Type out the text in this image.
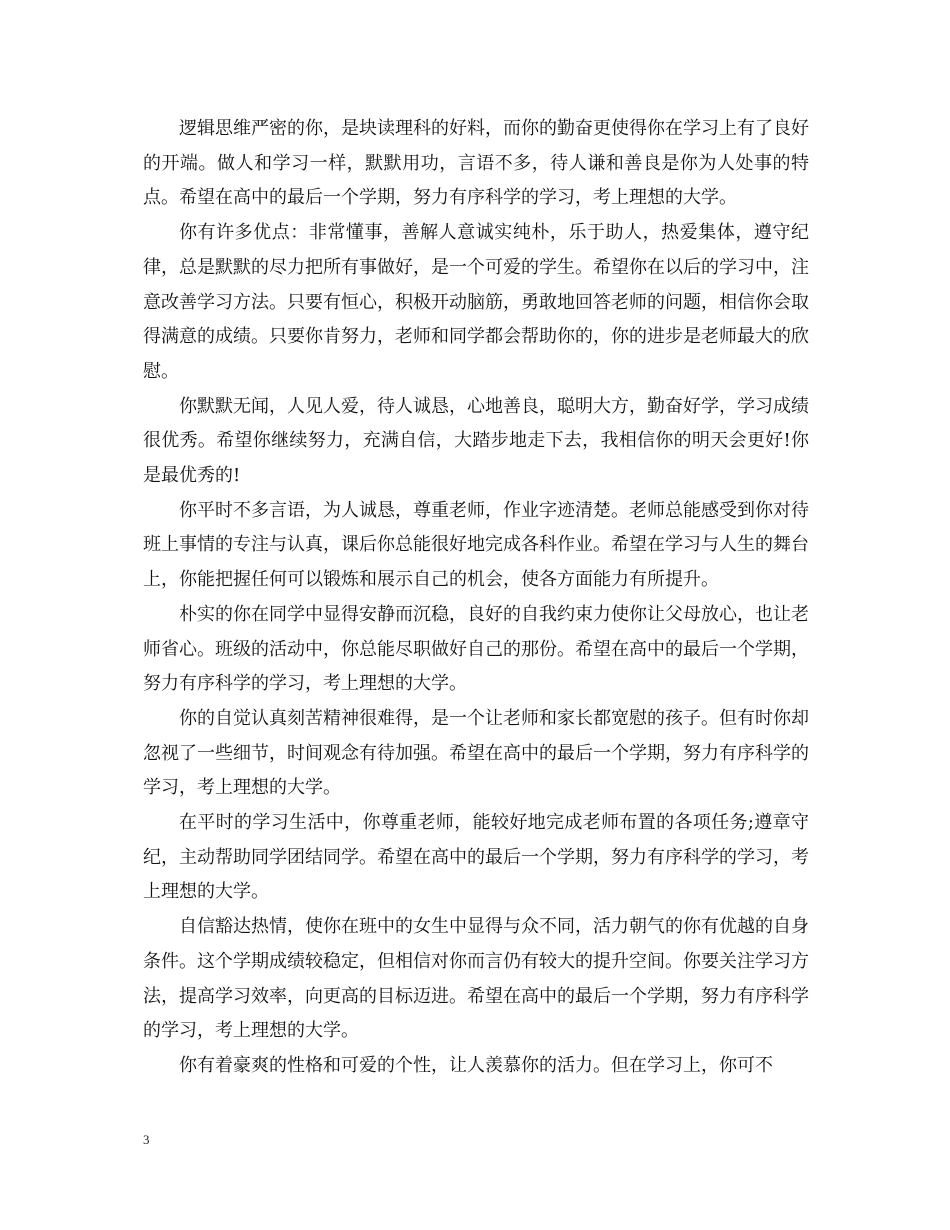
逻辑思维严密的你，是块读理科的好料，而你的勤奋更使得你在学习上有了良好的开端。做人和学习一样，默默用功，言语不多，待人谦和善良是你为人处事的特点。希望在高中的最后一个学期，努力有序科学的学习，考上理想的大学。

你有许多优点：非常懂事，善解人意诚实纯朴，乐于助人，热爱集体，遵守纪律，总是默默的尽力把所有事做好，是一个可爱的学生。希望你在以后的学习中，注意改善学习方法。只要有恒心，积极开动脑筋，勇敢地回答老师的问题，相信你会取得满意的成绩。只要你肯努力，老师和同学都会帮助你的，你的进步是老师最大的欣慰。

你默默无闻，人见人爱，待人诚恳，心地善良，聪明大方，勤奋好学，学习成绩很优秀。希望你继续努力，充满自信，大踏步地走下去，我相信你的明天会更好!你是最优秀的!

你平时不多言语，为人诚恳，尊重老师，作业字迹清楚。老师总能感受到你对待班上事情的专注与认真，课后你总能很好地完成各科作业。希望在学习与人生的舞台上，你能把握任何可以锻炼和展示自己的机会，使各方面能力有所提升。

朴实的你在同学中显得安静而沉稳，良好的自我约束力使你让父母放心，也让老师省心。班级的活动中，你总能尽职做好自己的那份。希望在高中的最后一个学期，努力有序科学的学习，考上理想的大学。

你的自觉认真刻苦精神很难得，是一个让老师和家长都宽慰的孩子。但有时你却忽视了一些细节，时间观念有待加强。希望在高中的最后一个学期，努力有序科学的学习，考上理想的大学。

在平时的学习生活中，你尊重老师，能较好地完成老师布置的各项任务;遵章守纪，主动帮助同学团结同学。希望在高中的最后一个学期，努力有序科学的学习，考上理想的大学。

自信豁达热情，使你在班中的女生中显得与众不同，活力朝气的你有优越的自身条件。这个学期成绩较稳定，但相信对你而言仍有较大的提升空间。你要关注学习方法，提高学习效率，向更高的目标迈进。希望在高中的最后一个学期，努力有序科学的学习，考上理想的大学。

你有着豪爽的性格和可爱的个性，让人羡慕你的活力。但在学习上，你可不

3
